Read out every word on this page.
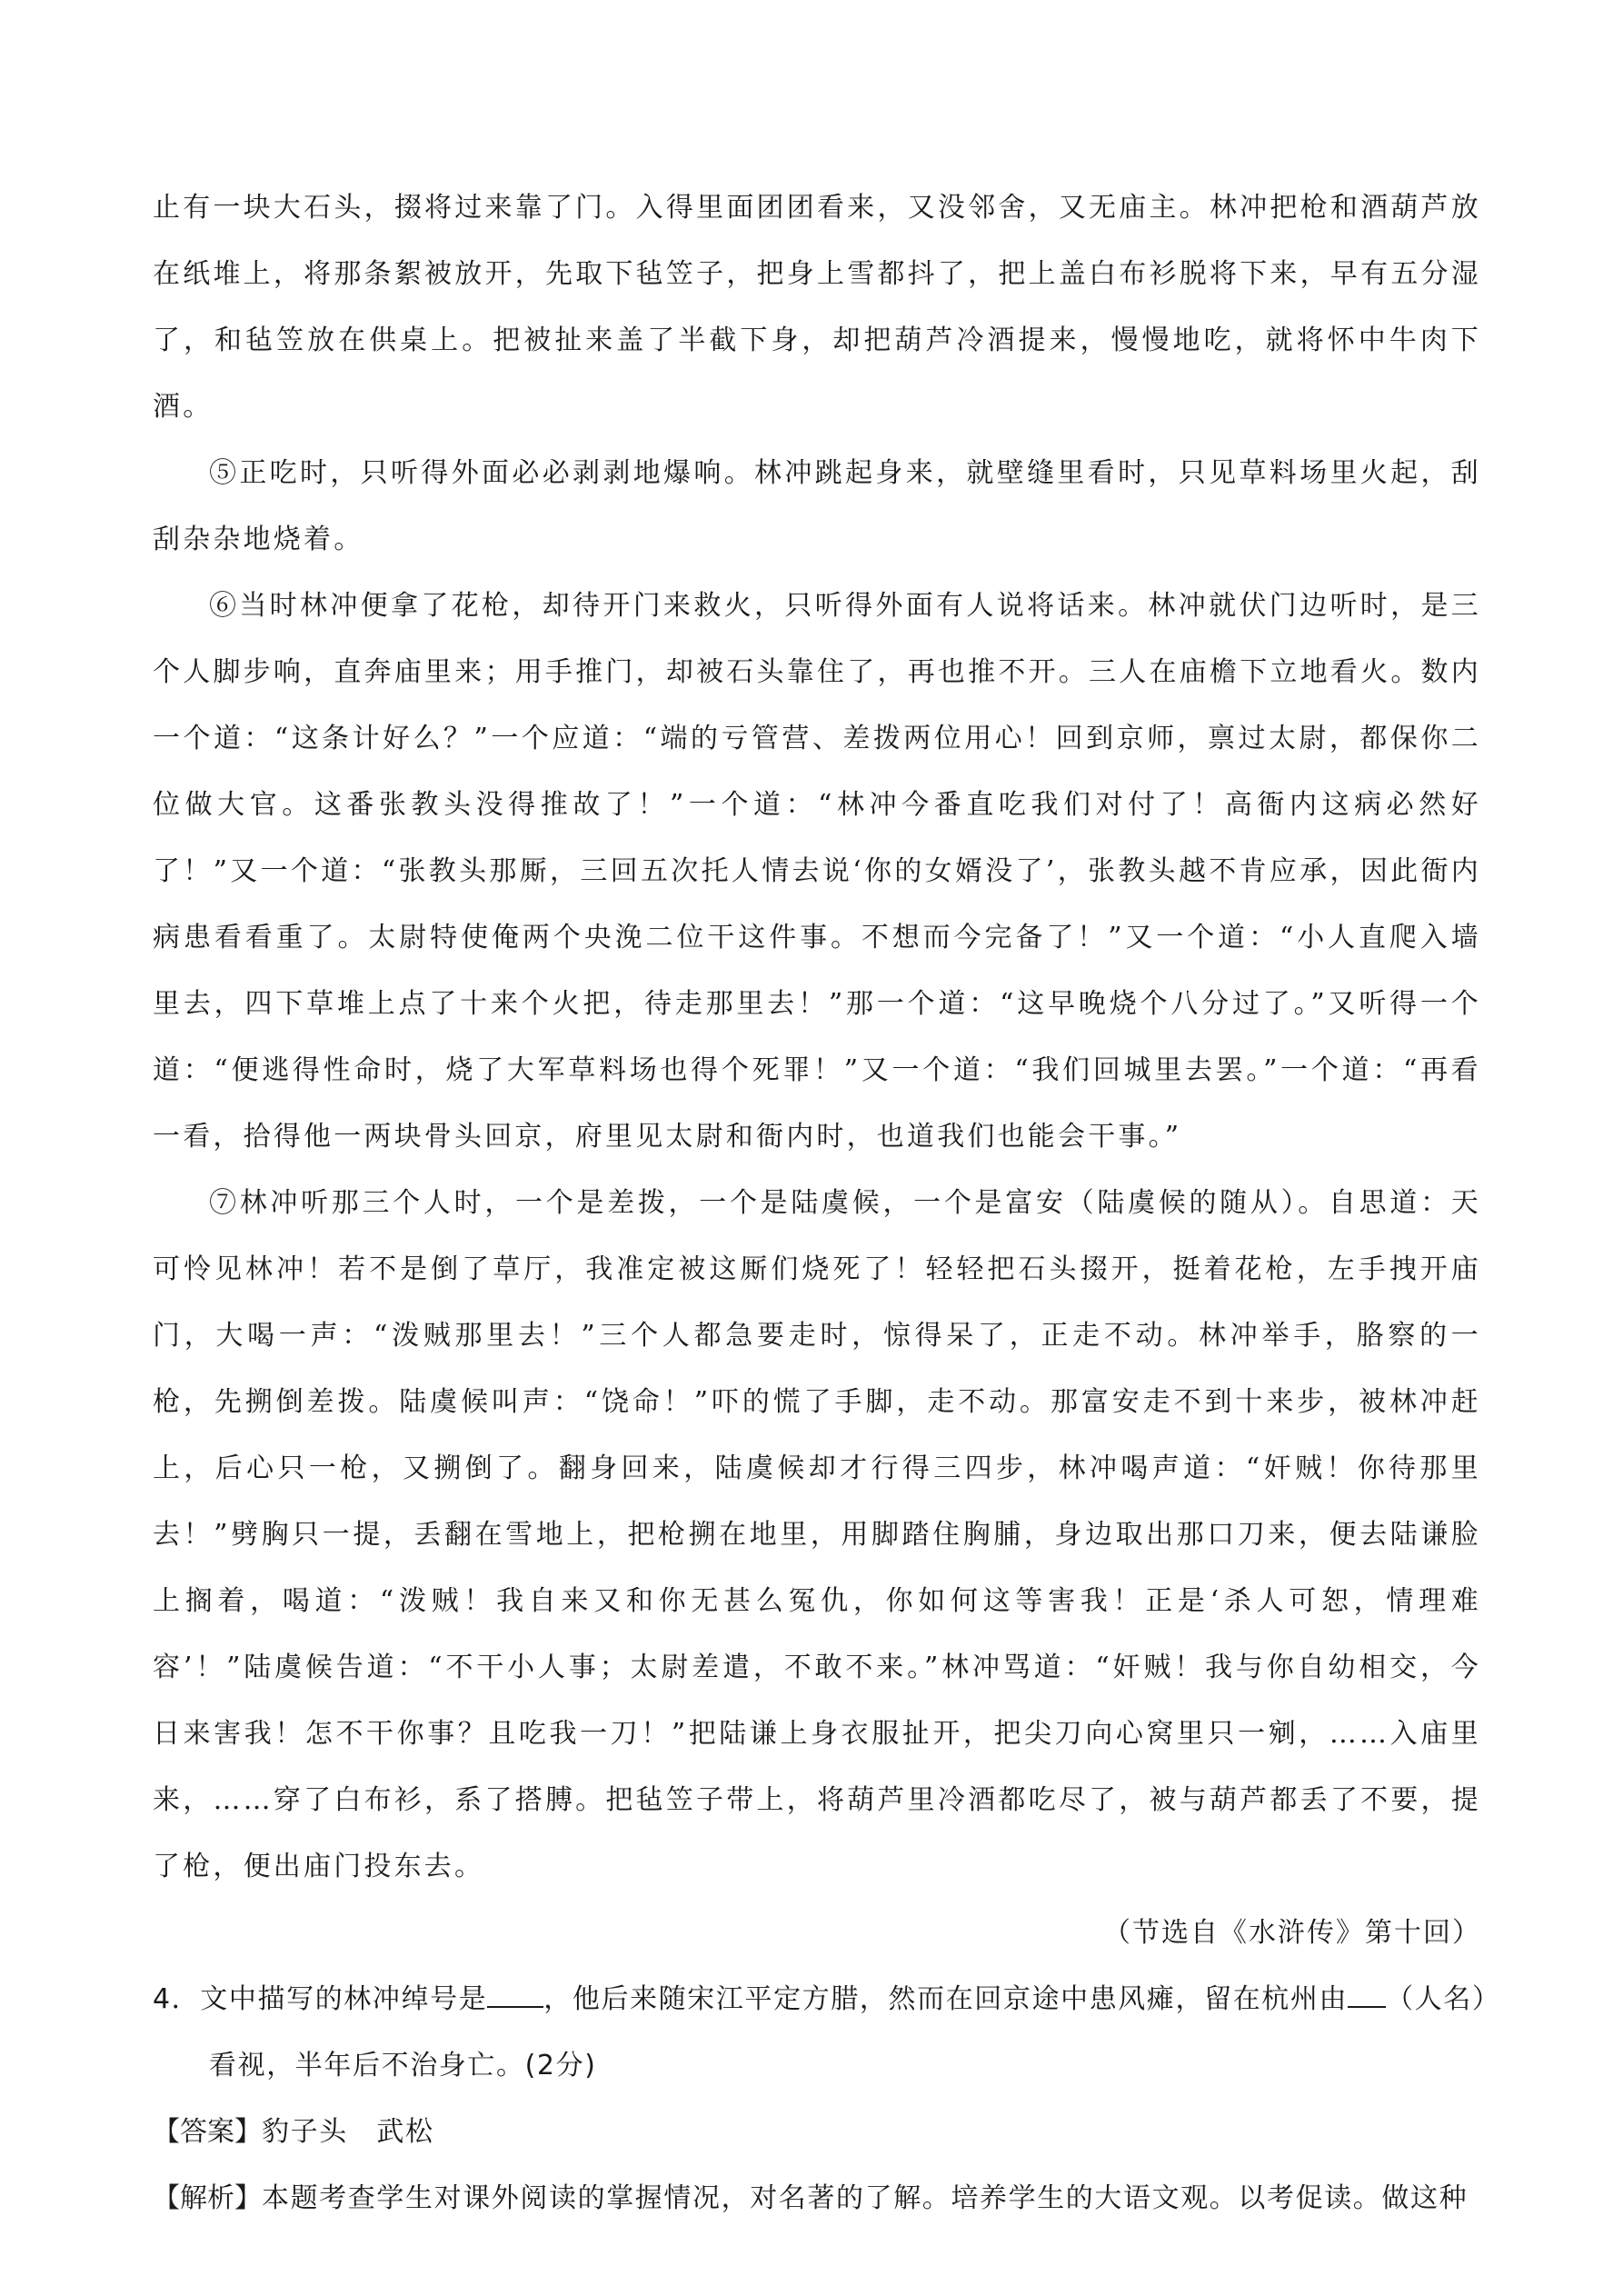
止有一块大石头，掇将过来靠了门。入得里面团团看来，又没邻舍，又无庙主。林冲把枪和酒葫芦放在纸堆上，将那条絮被放开，先取下毡笠子，把身上雪都抖了，把上盖白布衫脱将下来，早有五分湿了，和毡笠放在供桌上。把被扯来盖了半截下身，却把葫芦冷酒提来，慢慢地吃，就将怀中牛肉下酒。

⑤正吃时，只听得外面必必剥剥地爆响。林冲跳起身来，就壁缝里看时，只见草料场里火起，刮刮杂杂地烧着。

⑥当时林冲便拿了花枪，却待开门来救火，只听得外面有人说将话来。林冲就伏门边听时，是三个人脚步响，直奔庙里来；用手推门，却被石头靠住了，再也推不开。三人在庙檐下立地看火。数内一个道：“这条计好么？”一个应道：“端的亏管营、差拨两位用心！回到京师，禀过太尉，都保你二位做大官。这番张教头没得推故了！”一个道：“林冲今番直吃我们对付了！高衙内这病必然好了！”又一个道：“张教头那厮，三回五次托人情去说‘你的女婿没了’，张教头越不肯应承，因此衙内病患看看重了。太尉特使俺两个央浼二位干这件事。不想而今完备了！”又一个道：“小人直爬入墙里去，四下草堆上点了十来个火把，待走那里去！”那一个道：“这早晚烧个八分过了。”又听得一个道：“便逃得性命时，烧了大军草料场也得个死罪！”又一个道：“我们回城里去罢。”一个道：“再看一看，拾得他一两块骨头回京，府里见太尉和衙内时，也道我们也能会干事。”

⑦林冲听那三个人时，一个是差拨，一个是陆虞候，一个是富安（陆虞候的随从）。自思道：天可怜见林冲！若不是倒了草厅，我准定被这厮们烧死了！轻轻把石头掇开，挺着花枪，左手拽开庙门，大喝一声：“泼贼那里去！”三个人都急要走时，惊得呆了，正走不动。林冲举手，胳察的一枪，先搠倒差拨。陆虞候叫声：“饶命！”吓的慌了手脚，走不动。那富安走不到十来步，被林冲赶上，后心只一枪，又搠倒了。翻身回来，陆虞候却才行得三四步，林冲喝声道：“奸贼！你待那里去！”劈胸只一提，丢翻在雪地上，把枪搠在地里，用脚踏住胸脯，身边取出那口刀来，便去陆谦脸上搁着，喝道：“泼贼！我自来又和你无甚么冤仇，你如何这等害我！正是‘杀人可恕，情理难容’！”陆虞候告道：“不干小人事；太尉差遣，不敢不来。”林冲骂道：“奸贼！我与你自幼相交，今日来害我！怎不干你事？且吃我一刀！”把陆谦上身衣服扯开，把尖刀向心窝里只一剜，……入庙里来，……穿了白布衫，系了搭膊。把毡笠子带上，将葫芦里冷酒都吃尽了，被与葫芦都丢了不要，提了枪，便出庙门投东去。

（节选自《水浒传》第十回）

4．文中描写的林冲绰号是 ，他后来随宋江平定方腊，然而在回京途中患风瘫，留在杭州由 （人名）
看视，半年后不治身亡。(2分)

【答案】豹子头　武松

【解析】本题考查学生对课外阅读的掌握情况，对名著的了解。培养学生的大语文观。以考促读。做这种
